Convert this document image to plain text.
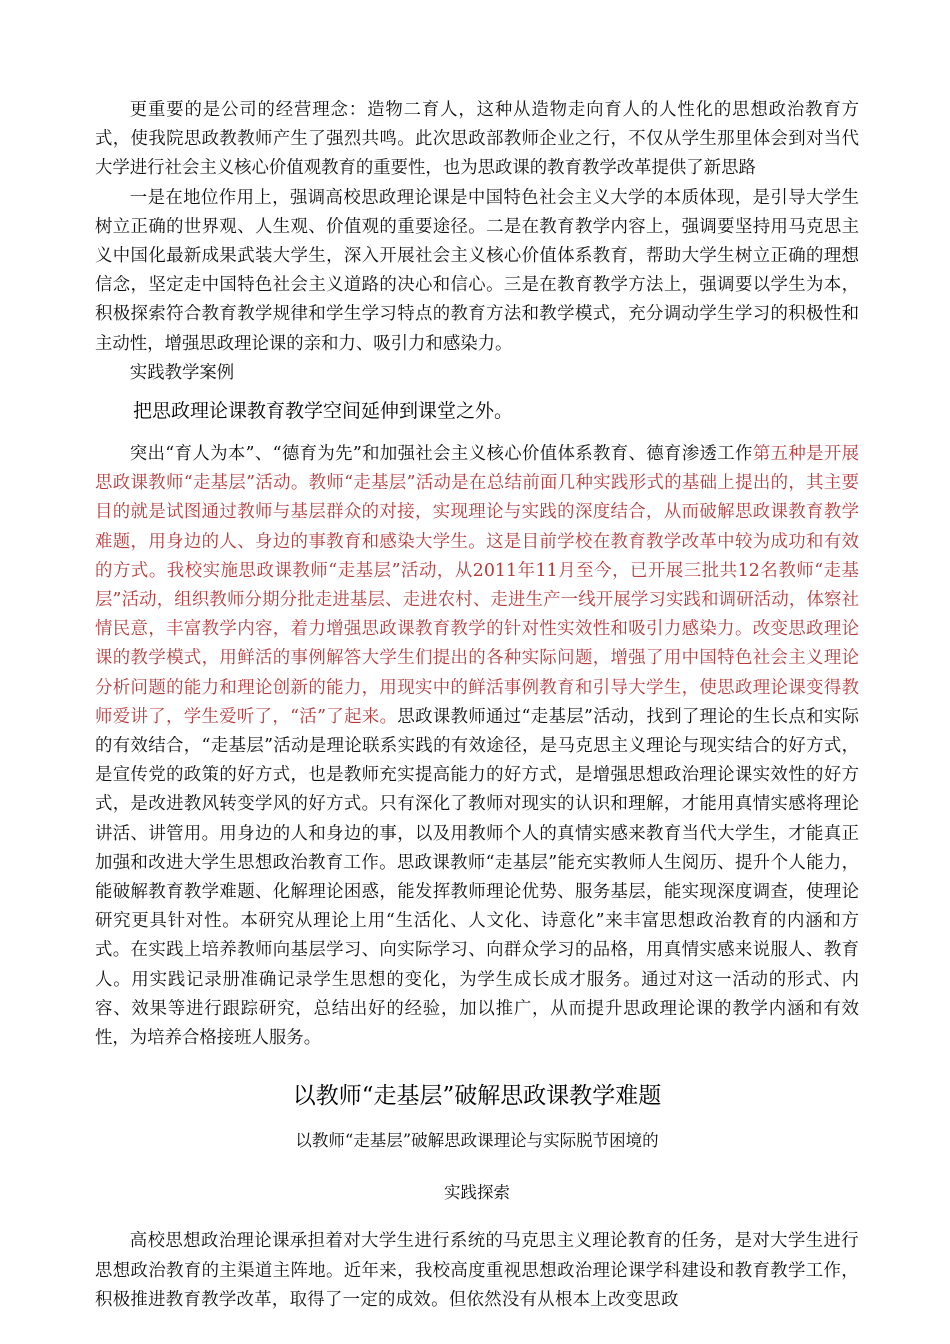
更重要的是公司的经营理念：造物二育人，这种从造物走向育人的人性化的思想政治教育方式，使我院思政教教师产生了强烈共鸣。此次思政部教师企业之行，不仅从学生那里体会到对当代大学进行社会主义核心价值观教育的重要性，也为思政课的教育教学改革提供了新思路

一是在地位作用上，强调高校思政理论课是中国特色社会主义大学的本质体现，是引导大学生树立正确的世界观、人生观、价值观的重要途径。二是在教育教学内容上，强调要坚持用马克思主义中国化最新成果武装大学生，深入开展社会主义核心价值体系教育，帮助大学生树立正确的理想信念，坚定走中国特色社会主义道路的决心和信心。三是在教育教学方法上，强调要以学生为本，积极探索符合教育教学规律和学生学习特点的教育方法和教学模式，充分调动学生学习的积极性和主动性，增强思政理论课的亲和力、吸引力和感染力。

实践教学案例

把思政理论课教育教学空间延伸到课堂之外。

突出“育人为本”、“德育为先”和加强社会主义核心价值体系教育、德育渗透工作第五种是开展思政课教师“走基层”活动。教师“走基层”活动是在总结前面几种实践形式的基础上提出的，其主要目的就是试图通过教师与基层群众的对接，实现理论与实践的深度结合，从而破解思政课教育教学难题，用身边的人、身边的事教育和感染大学生。这是目前学校在教育教学改革中较为成功和有效的方式。我校实施思政课教师“走基层”活动，从2011年11月至今，已开展三批共12名教师“走基层”活动，组织教师分期分批走进基层、走进农村、走进生产一线开展学习实践和调研活动，体察社情民意，丰富教学内容，着力增强思政课教育教学的针对性实效性和吸引力感染力。改变思政理论课的教学模式，用鲜活的事例解答大学生们提出的各种实际问题，增强了用中国特色社会主义理论分析问题的能力和理论创新的能力，用现实中的鲜活事例教育和引导大学生，使思政理论课变得教师爱讲了，学生爱听了，“活”了起来。思政课教师通过“走基层”活动，找到了理论的生长点和实际的有效结合，“走基层”活动是理论联系实践的有效途径，是马克思主义理论与现实结合的好方式，是宣传党的政策的好方式，也是教师充实提高能力的好方式，是增强思想政治理论课实效性的好方式，是改进教风转变学风的好方式。只有深化了教师对现实的认识和理解，才能用真情实感将理论讲活、讲管用。用身边的人和身边的事，以及用教师个人的真情实感来教育当代大学生，才能真正加强和改进大学生思想政治教育工作。思政课教师“走基层”能充实教师人生阅历、提升个人能力，能破解教育教学难题、化解理论困惑，能发挥教师理论优势、服务基层，能实现深度调查，使理论研究更具针对性。本研究从理论上用“生活化、人文化、诗意化”来丰富思想政治教育的内涵和方式。在实践上培养教师向基层学习、向实际学习、向群众学习的品格，用真情实感来说服人、教育人。用实践记录册准确记录学生思想的变化，为学生成长成才服务。通过对这一活动的形式、内容、效果等进行跟踪研究，总结出好的经验，加以推广，从而提升思政理论课的教学内涵和有效性，为培养合格接班人服务。

以教师“走基层”破解思政课教学难题

以教师“走基层”破解思政课理论与实际脱节困境的

实践探索

高校思想政治理论课承担着对大学生进行系统的马克思主义理论教育的任务，是对大学生进行思想政治教育的主渠道主阵地。近年来，我校高度重视思想政治理论课学科建设和教育教学工作，积极推进教育教学改革，取得了一定的成效。但依然没有从根本上改变思政
